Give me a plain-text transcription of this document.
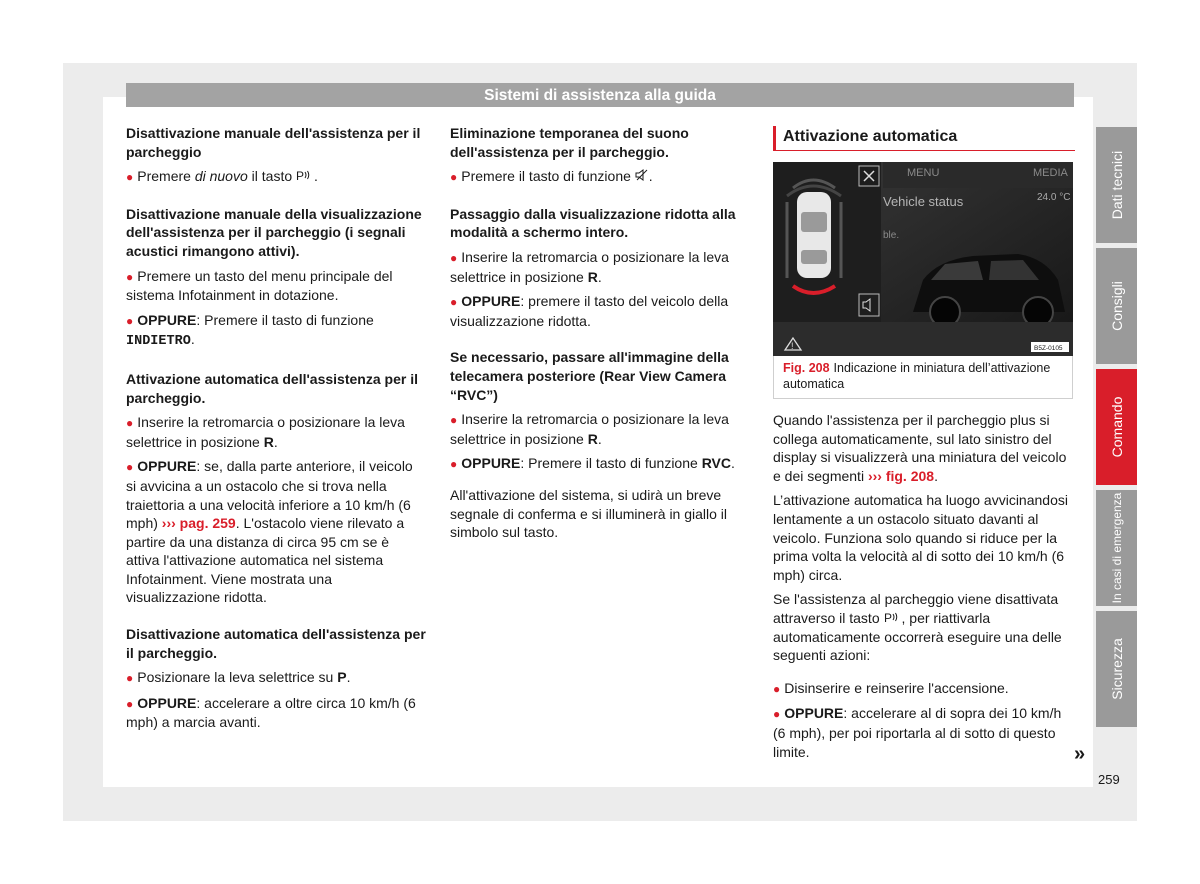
Sistemi di assistenza alla guida
Disattivazione manuale dell'assistenza per il parcheggio

● Premere di nuovo il tasto P .

Disattivazione manuale della visualizzazione dell'assistenza per il parcheggio (i segnali acustici rimangono attivi).

● Premere un tasto del menu principale del sistema Infotainment in dotazione.

● OPPURE: Premere il tasto di funzione INDIETRO.

Attivazione automatica dell'assistenza per il parcheggio.

● Inserire la retromarcia o posizionare la leva selettrice in posizione R.

● OPPURE: se, dalla parte anteriore, il veicolo si avvicina a un ostacolo che si trova nella traiettoria a una velocità inferiore a 10 km/h (6 mph) ››› pag. 259. L'ostacolo viene rilevato a partire da una distanza di circa 95 cm se è attiva l'attivazione automatica nel sistema Infotainment. Viene mostrata una visualizzazione ridotta.

Disattivazione automatica dell'assistenza per il parcheggio.

● Posizionare la leva selettrice su P.

● OPPURE: accelerare a oltre circa 10 km/h (6 mph) a marcia avanti.

Eliminazione temporanea del suono dell'assistenza per il parcheggio.

● Premere il tasto di funzione .

Passaggio dalla visualizzazione ridotta alla modalità a schermo intero.

● Inserire la retromarcia o posizionare la leva selettrice in posizione R.

● OPPURE: premere il tasto del veicolo della visualizzazione ridotta.

Se necessario, passare all'immagine della telecamera posteriore (Rear View Camera “RVC”)

● Inserire la retromarcia o posizionare la leva selettrice in posizione R.

● OPPURE: Premere il tasto di funzione RVC.

All'attivazione del sistema, si udirà un breve segnale di conferma e si illuminerà in giallo il simbolo sul tasto.

Attivazione automatica
MENU	MEDIA
24.0 °C
Vehicle status
ble.
!	B5Z-0105
Fig. 208 Indicazione in miniatura dell’attivazione automatica

Quando l'assistenza per il parcheggio plus si collega automaticamente, sul lato sinistro del display si visualizzerà una miniatura del veicolo e dei segmenti ››› fig. 208.

L’attivazione automatica ha luogo avvicinandosi lentamente a un ostacolo situato davanti al veicolo. Funziona solo quando si riduce per la prima volta la velocità al di sotto dei 10 km/h (6 mph) circa.

Se l'assistenza al parcheggio viene disattivata attraverso il tasto P , per riattivarla automaticamente occorrerà eseguire una delle seguenti azioni:

● Disinserire e reinserire l'accensione.

● OPPURE: accelerare al di sopra dei 10 km/h (6 mph), per poi riportarla al di sotto di questo limite.	»
Dati tecnici
Consigli
Comando
In casi di emergenza
Sicurezza
259
